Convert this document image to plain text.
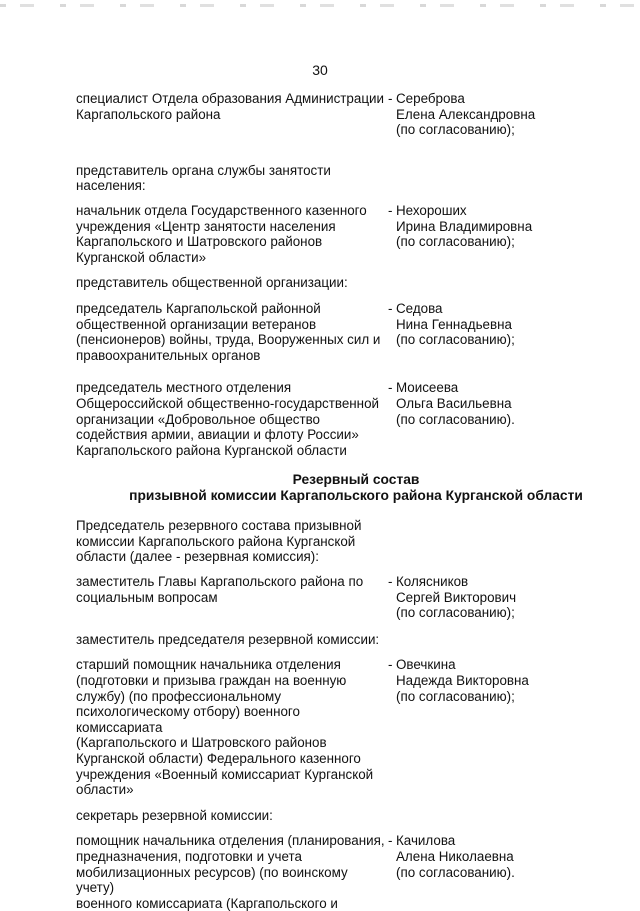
30
специалист Отдела образования Администрации
Каргапольского района
- Сереброва
Елена Александровна
(по согласованию);
представитель органа службы занятости
населения:
начальник отдела Государственного казенного
учреждения «Центр занятости населения
Каргапольского и Шатровского районов
Курганской области»
- Нехороших
Ирина Владимировна
(по согласованию);
представитель общественной организации:
председатель Каргапольской районной
общественной организации ветеранов
(пенсионеров) войны, труда, Вооруженных сил и
правоохранительных органов
- Седова
Нина Геннадьевна
(по согласованию);
председатель местного отделения
Общероссийской общественно-государственной
организации «Добровольное общество
содействия армии, авиации и флоту России»
Каргапольского района Курганской области
- Моисеева
Ольга Васильевна
(по согласованию).
Резервный состав
призывной комиссии Каргапольского района Курганской области
Председатель резервного состава призывной
комиссии Каргапольского района Курганской
области (далее - резервная комиссия):
заместитель Главы Каргапольского района по
социальным вопросам
- Колясников
Сергей Викторович
(по согласованию);
заместитель председателя резервной комиссии:
старший помощник начальника отделения
(подготовки и призыва граждан на военную
службу) (по профессиональному
психологическому отбору) военного комиссариата
(Каргапольского и Шатровского районов
Курганской области) Федерального казенного
учреждения «Военный комиссариат Курганской
области»
- Овечкина
Надежда Викторовна
(по согласованию);
секретарь резервной комиссии:
помощник начальника отделения (планирования,
предназначения, подготовки и учета
мобилизационных ресурсов) (по воинскому учету)
военного комиссариата (Каргапольского и
- Качилова
Алена Николаевна
(по согласованию).
